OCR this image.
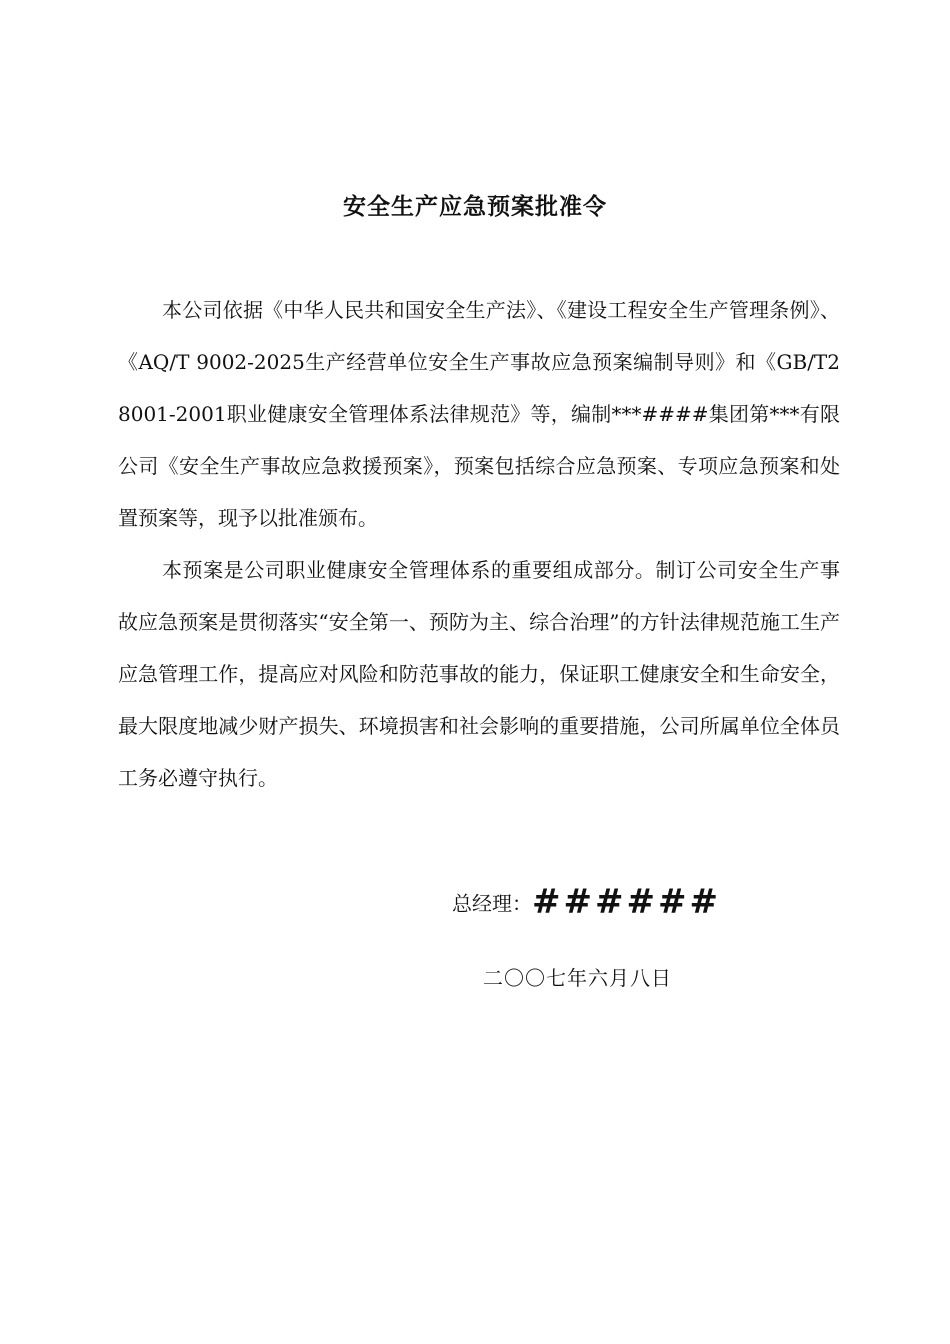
安全生产应急预案批准令

本公司依据《中华人民共和国安全生产法》、《建设工程安全生产管理条例》、《AQ/T 9002-2025生产经营单位安全生产事故应急预案编制导则》和《GB/T28001-2001职业健康安全管理体系法律规范》等，编制***####集团第***有限公司《安全生产事故应急救援预案》，预案包括综合应急预案、专项应急预案和处置预案等，现予以批准颁布。

本预案是公司职业健康安全管理体系的重要组成部分。制订公司安全生产事故应急预案是贯彻落实“安全第一、预防为主、综合治理”的方针法律规范施工生产应急管理工作，提高应对风险和防范事故的能力，保证职工健康安全和生命安全，最大限度地减少财产损失、环境损害和社会影响的重要措施，公司所属单位全体员工务必遵守执行。

总经理：######
二〇〇七年六月八日
